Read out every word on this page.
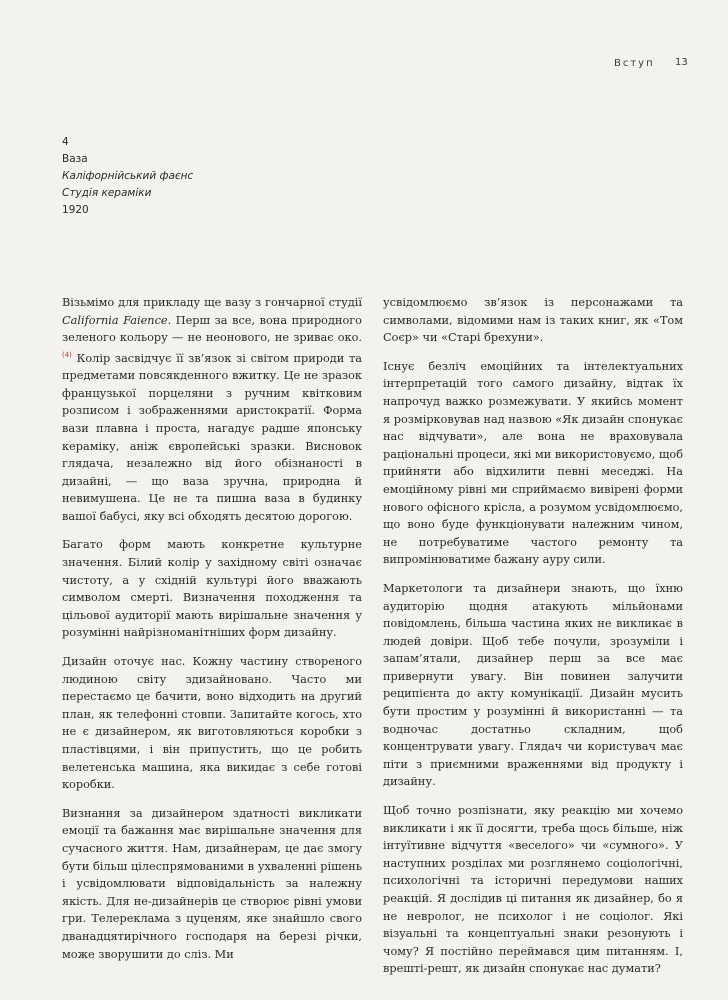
Вступ 13
4
Ваза
Каліфорнійський фаєнс
Студія кераміки
1920

Візьмімо для прикладу ще вазу з гончарної студії California Faience. Перш за все, вона природного зеленого кольору — не неонового, не зриває око.$^{(4)}$ Колір засвідчує її зв’язок зі світом природи та предметами повсякденного вжитку. Це не зразок французької порцеляни з ручним квітковим розписом і зображеннями аристократії. Форма вази плавна і проста, нагадує радше японську кераміку, аніж європейські зразки. Висновок глядача, незалежно від його обізнаності в дизайні, — що ваза зручна, природна й невимушена. Це не та пишна ваза в будинку вашої бабусі, яку всі обходять десятою дорогою.

Багато форм мають конкретне культурне значення. Білий колір у західному світі означає чистоту, а у східній культурі його вважають символом смерті. Визначення походження та цільової аудиторії мають вирішальне значення у розумінні найрізноманітніших форм дизайну.

Дизайн оточує нас. Кожну частину створеного людиною світу здизайновано. Часто ми перестаємо це бачити, воно відходить на другий план, як телефонні стовпи. Запитайте когось, хто не є дизайнером, як виготовляються коробки з пластівцями, і він припустить, що це робить велетенська машина, яка викидає з себе готові коробки.

Визнання за дизайнером здатності викликати емоції та бажання має вирішальне значення для сучасного життя. Нам, дизайнерам, це дає змогу бути більш цілеспрямованими в ухваленні рішень і усвідомлювати відповідальність за належну якість. Для не-дизайнерів це створює рівні умови гри. Телереклама з цуценям, яке знайшло свого дванадцятирічного господаря на березі річки, може зворушити до сліз. Ми

усвідомлюємо зв’язок із персонажами та символами, відомими нам із таких книг, як «Том Соєр» чи «Старі брехуни».

Існує безліч емоційних та інтелектуальних інтерпретацій того самого дизайну, відтак їх напрочуд важко розмежувати. У якийсь момент я розмірковував над назвою «Як дизайн спонукає нас відчувати», але вона не враховувала раціональні процеси, які ми використовуємо, щоб прийняти або відхилити певні меседжі. На емоційному рівні ми сприймаємо вивірені форми нового офісного крісла, а розумом усвідомлюємо, що воно буде функціонувати належним чином, не потребуватиме частого ремонту та випромінюватиме бажану ауру сили.

Маркетологи та дизайнери знають, що їхню аудиторію щодня атакують мільйонами повідомлень, більша частина яких не викликає в людей довіри. Щоб тебе почули, зрозуміли і запам’ятали, дизайнер перш за все має привернути увагу. Він повинен залучити реципієнта до акту комунікації. Дизайн мусить бути простим у розумінні й використанні — та водночас достатньо складним, щоб концентрувати увагу. Глядач чи користувач має піти з приємними враженнями від продукту і дизайну.

Щоб точно розпізнати, яку реакцію ми хочемо викликати і як її досягти, треба щось більше, ніж інтуїтивне відчуття «веселого» чи «сумного». У наступних розділах ми розглянемо соціологічні, психологічні та історичні передумови наших реакцій. Я дослідив ці питання як дизайнер, бо я не невролог, не психолог і не соціолог. Які візуальні та концептуальні знаки резонують і чому? Я постійно переймався цим питанням. І, врешті-решт, як дизайн спонукає нас думати?
